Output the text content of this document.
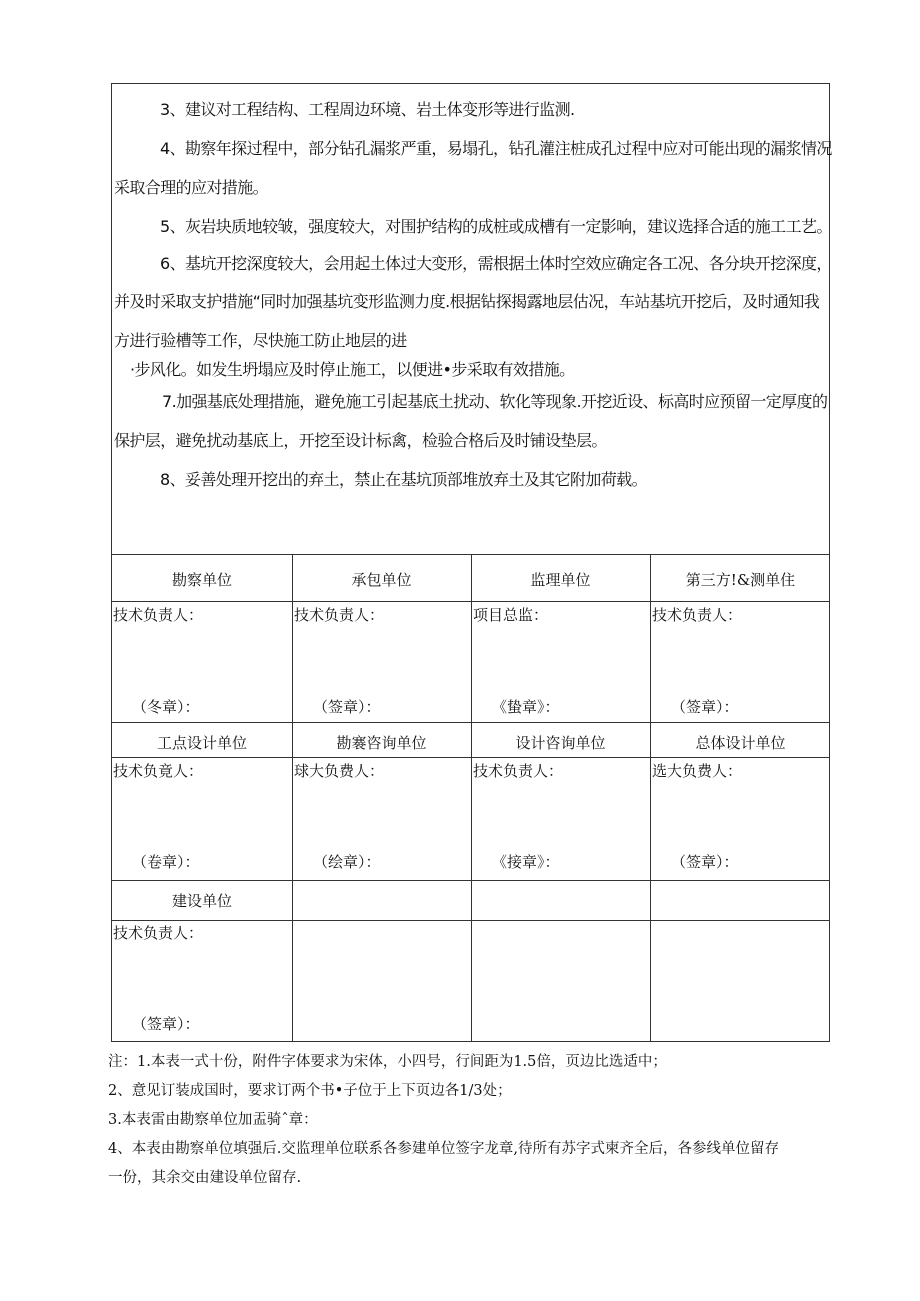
3、建议对工程结构、工程周边环境、岩土体变形等进行监测.
4、勘察年探过程中，部分钻孔漏浆严重，易塌孔，钻孔灌注桩成孔过程中应对可能出现的漏浆情况
采取合理的应对措施。
5、灰岩块质地较皱，强度较大，对围护结构的成桩或成槽有一定影响，建议选择合适的施工工艺。
6、基坑开挖深度较大，会用起土体过大变形，需根据土体时空效应确定各工况、各分块开挖深度，
并及时采取支护措施“同时加强基坑变形监测力度.根据钻探揭露地层估况，车站基坑开挖后，及时通知我
方进行验槽等工作，尽快施工防止地层的进
·步风化。如发生坍塌应及时停止施工，以便进•步采取有效措施。
7.加强基底处理措施，避免施工引起基底土扰动、软化等现象.开挖近设、标高时应预留一定厚度的
保护层，避免扰动基底上，开挖至设计标禽，检验合格后及时铺设垫层。
8、妥善处理开挖出的弃土，禁止在基坑顶部堆放弃土及其它附加荷载。
勘察单位	承包单位	监理单位	第三方!&测单住
技术负责人：	技术负责人：	项目总监：	技术负责人：
（冬章）：	（签章）：	《蛰章》：	（签章）：
工点设计单位	勘褰咨询单位	设计咨询单位	总体设计单位
技术负竟人：	球大负费人：	技术负责人：	选大负费人：
（卷章）：	（绘章）：	《接章》：	（签章）：
建设单位
技术负责人：
（签章）：
注：1.本表一式十份，附件字体要求为宋体，小四号，行间距为1.5倍，页边比选适中；
2、意见订装成国时，要求订两个书•子位于上下页边各1/3处；
3.本表雷由勘察单位加盂骑ˆ章：
4、本表由勘察单位填强后.交监理单位联系各参建单位签字龙章,待所有苏字式柬齐全后，各参线单位留存
一份，其余交由建设单位留存.
